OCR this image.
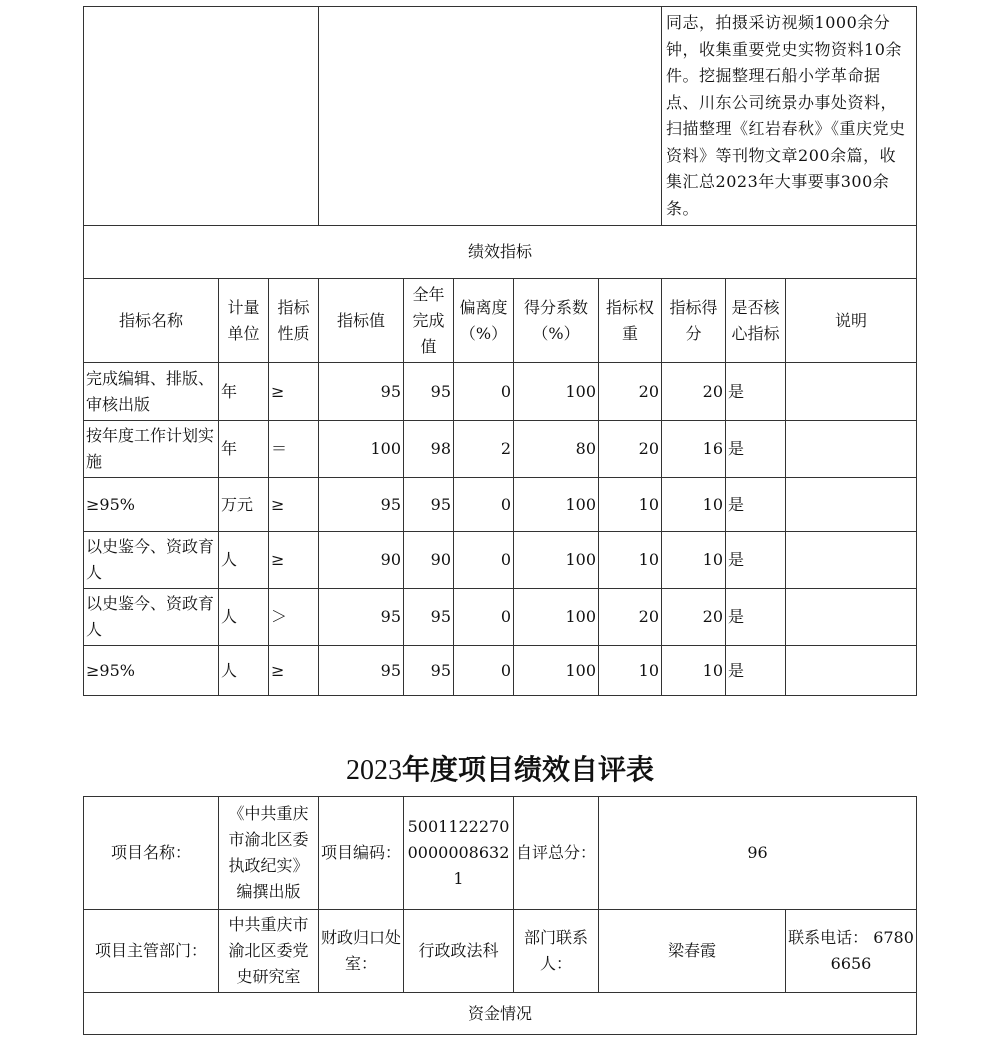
								同志，拍摄采访视频1000余分钟，收集重要党史实物资料10余件。挖掘整理石船小学革命据点、川东公司统景办事处资料，扫描整理《红岩春秋》《重庆党史资料》等刊物文章200余篇，收集汇总2023年大事要事300余条。		
绩效指标										
指标名称	计量单位	指标性质	指标值	全年完成值	偏离度（%）	得分系数（%）	指标权重	指标得分	是否核心指标	说明
完成编辑、排版、审核出版	年	≥	95	95	0	100	20	20	是	
按年度工作计划实施	年	＝	100	98	2	80	20	16	是	
≥95%	万元	≥	95	95	0	100	10	10	是	
以史鉴今、资政育人	人	≥	90	90	0	100	10	10	是	
以史鉴今、资政育人	人	＞	95	95	0	100	20	20	是	
≥95%	人	≥	95	95	0	100	10	10	是	
2023年度项目绩效自评表
项目名称：	《中共重庆市渝北区委执政纪实》编撰出版	项目编码：	500112227000000086321	自评总分：	96	
项目主管部门：	中共重庆市渝北区委党史研究室	财政归口处室：	行政政法科	部门联系人：	梁春霞	联系电话： 67806656
资金情况						
